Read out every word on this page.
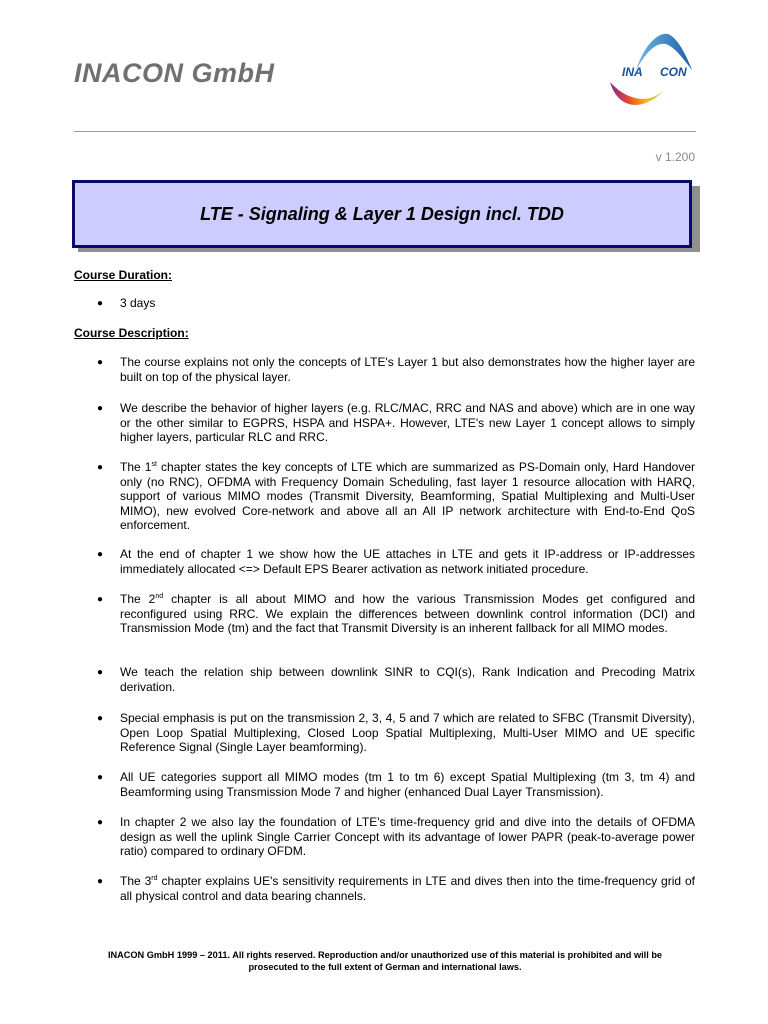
INACON GmbH	INA CON
v 1.200
LTE - Signaling & Layer 1 Design incl. TDD
Course Duration:
● 3 days
Course Description:
● The course explains not only the concepts of LTE's Layer 1 but also demonstrates how the higher layer are built on top of the physical layer.
● We describe the behavior of higher layers (e.g. RLC/MAC, RRC and NAS and above) which are in one way or the other similar to EGPRS, HSPA and HSPA+. However, LTE's new Layer 1 concept allows to simply higher layers, particular RLC and RRC.
● The 1st chapter states the key concepts of LTE which are summarized as PS-Domain only, Hard Handover only (no RNC), OFDMA with Frequency Domain Scheduling, fast layer 1 resource allocation with HARQ, support of various MIMO modes (Transmit Diversity, Beamforming, Spatial Multiplexing and Multi-User MIMO), new evolved Core-network and above all an All IP network architecture with End-to-End QoS enforcement.
● At the end of chapter 1 we show how the UE attaches in LTE and gets it IP-address or IP-addresses immediately allocated <=> Default EPS Bearer activation as network initiated procedure.
● The 2nd chapter is all about MIMO and how the various Transmission Modes get configured and reconfigured using RRC. We explain the differences between downlink control information (DCI) and Transmission Mode (tm) and the fact that Transmit Diversity is an inherent fallback for all MIMO modes.
● We teach the relation ship between downlink SINR to CQI(s), Rank Indication and Precoding Matrix derivation.
● Special emphasis is put on the transmission 2, 3, 4, 5 and 7 which are related to SFBC (Transmit Diversity), Open Loop Spatial Multiplexing, Closed Loop Spatial Multiplexing, Multi-User MIMO and UE specific Reference Signal (Single Layer beamforming).
● All UE categories support all MIMO modes (tm 1 to tm 6) except Spatial Multiplexing (tm 3, tm 4) and Beamforming using Transmission Mode 7 and higher (enhanced Dual Layer Transmission).
● In chapter 2 we also lay the foundation of LTE's time-frequency grid and dive into the details of OFDMA design as well the uplink Single Carrier Concept with its advantage of lower PAPR (peak-to-average power ratio) compared to ordinary OFDM.
● The 3rd chapter explains UE's sensitivity requirements in LTE and dives then into the time-frequency grid of all physical control and data bearing channels.
INACON GmbH 1999 – 2011. All rights reserved. Reproduction and/or unauthorized use of this material is prohibited and will be
prosecuted to the full extent of German and international laws.
